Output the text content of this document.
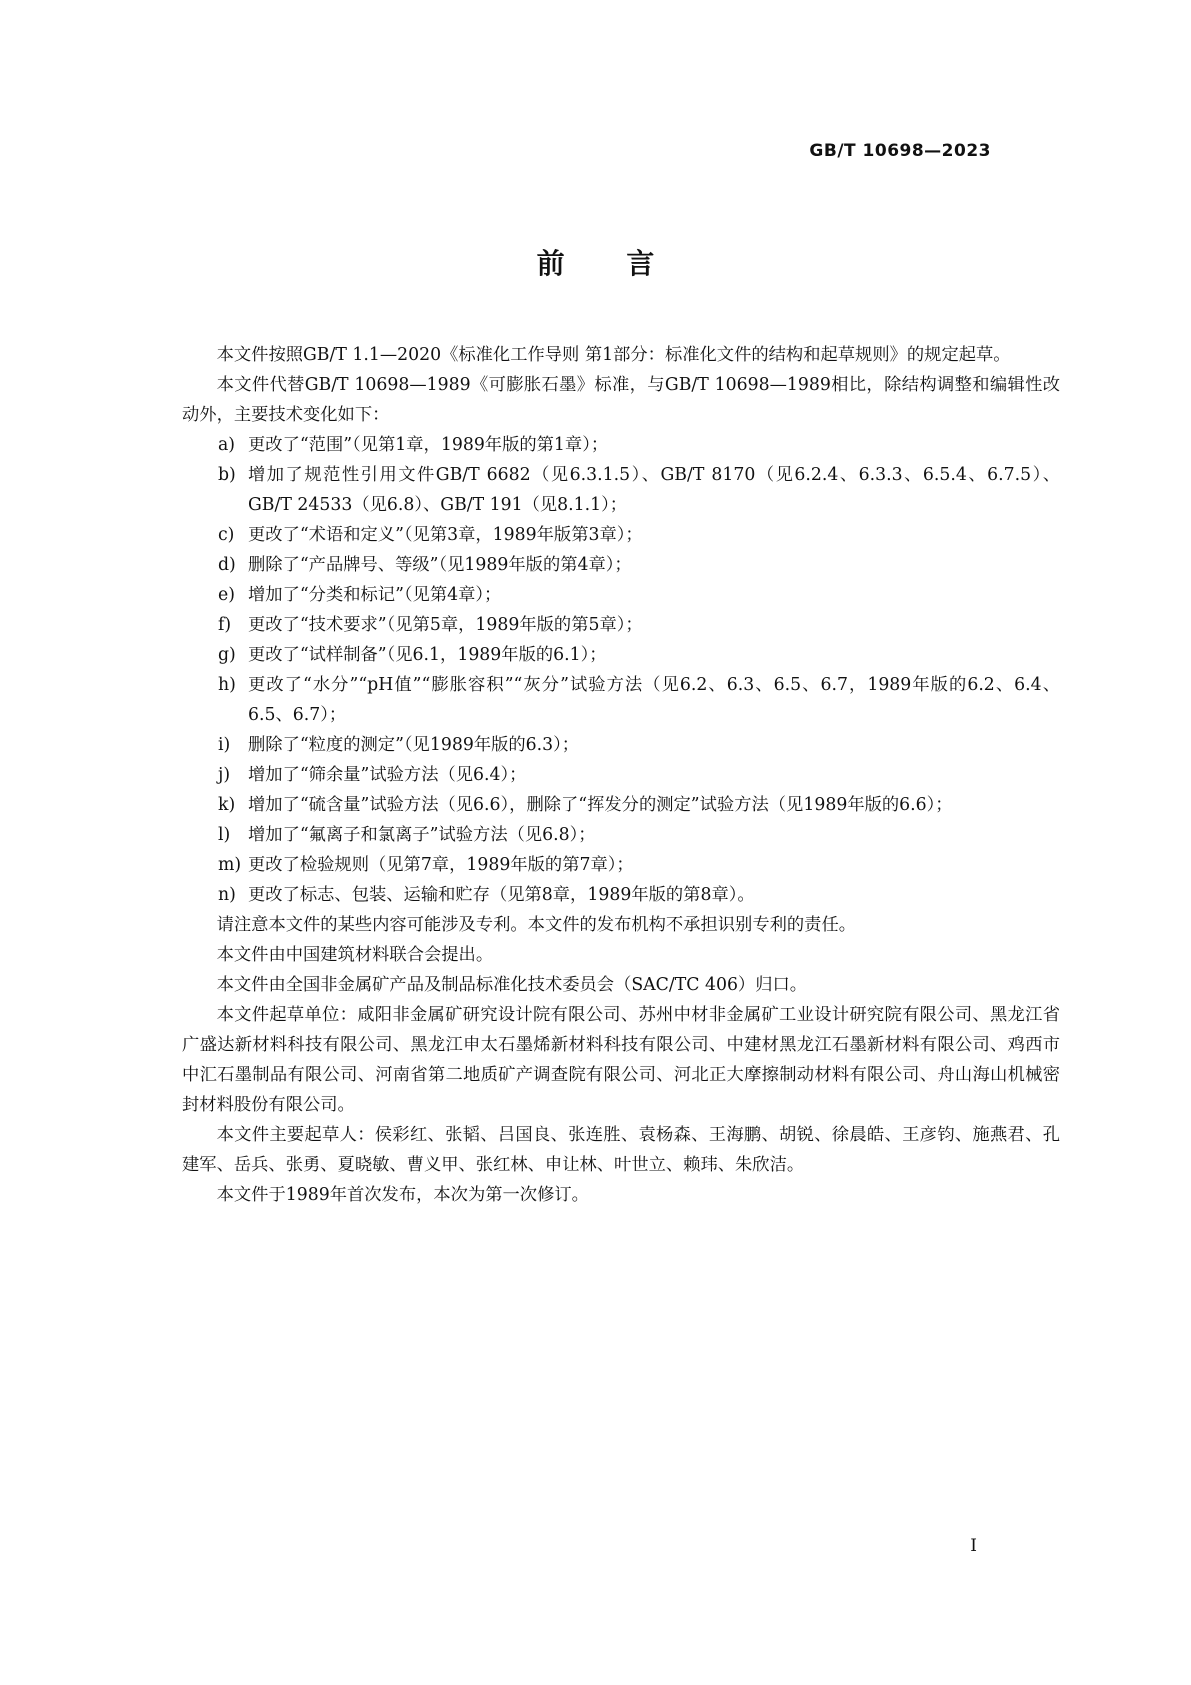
GB/T 10698—2023
前 言

本文件按照GB/T 1.1—2020《标准化工作导则 第1部分：标准化文件的结构和起草规则》的规定起草。

本文件代替GB/T 10698—1989《可膨胀石墨》标准，与GB/T 10698—1989相比，除结构调整和编辑性改动外，主要技术变化如下：

a) 更改了“范围”（见第1章，1989年版的第1章）；
b) 增加了规范性引用文件GB/T 6682（见6.3.1.5）、GB/T 8170（见6.2.4、6.3.3、6.5.4、6.7.5）、GB/T 24533（见6.8）、GB/T 191（见8.1.1）；
c) 更改了“术语和定义”（见第3章，1989年版第3章）；
d) 删除了“产品牌号、等级”（见1989年版的第4章）；
e) 增加了“分类和标记”（见第4章）；
f) 更改了“技术要求”（见第5章，1989年版的第5章）；
g) 更改了“试样制备”（见6.1，1989年版的6.1）；
h) 更改了“水分”“pH值”“膨胀容积”“灰分”试验方法（见6.2、6.3、6.5、6.7，1989年版的6.2、6.4、6.5、6.7）；
i) 删除了“粒度的测定”（见1989年版的6.3）；
j) 增加了“筛余量”试验方法（见6.4）；
k) 增加了“硫含量”试验方法（见6.6），删除了“挥发分的测定”试验方法（见1989年版的6.6）；
l) 增加了“氟离子和氯离子”试验方法（见6.8）；
m) 更改了检验规则（见第7章，1989年版的第7章）；
n) 更改了标志、包装、运输和贮存（见第8章，1989年版的第8章）。

请注意本文件的某些内容可能涉及专利。本文件的发布机构不承担识别专利的责任。

本文件由中国建筑材料联合会提出。

本文件由全国非金属矿产品及制品标准化技术委员会（SAC/TC 406）归口。

本文件起草单位：咸阳非金属矿研究设计院有限公司、苏州中材非金属矿工业设计研究院有限公司、黑龙江省广盛达新材料科技有限公司、黑龙江申太石墨烯新材料科技有限公司、中建材黑龙江石墨新材料有限公司、鸡西市中汇石墨制品有限公司、河南省第二地质矿产调查院有限公司、河北正大摩擦制动材料有限公司、舟山海山机械密封材料股份有限公司。

本文件主要起草人：侯彩红、张韬、吕国良、张连胜、袁杨森、王海鹏、胡锐、徐晨皓、王彦钧、施燕君、孔建军、岳兵、张勇、夏晓敏、曹义甲、张红林、申让林、叶世立、赖玮、朱欣洁。

本文件于1989年首次发布，本次为第一次修订。

I
